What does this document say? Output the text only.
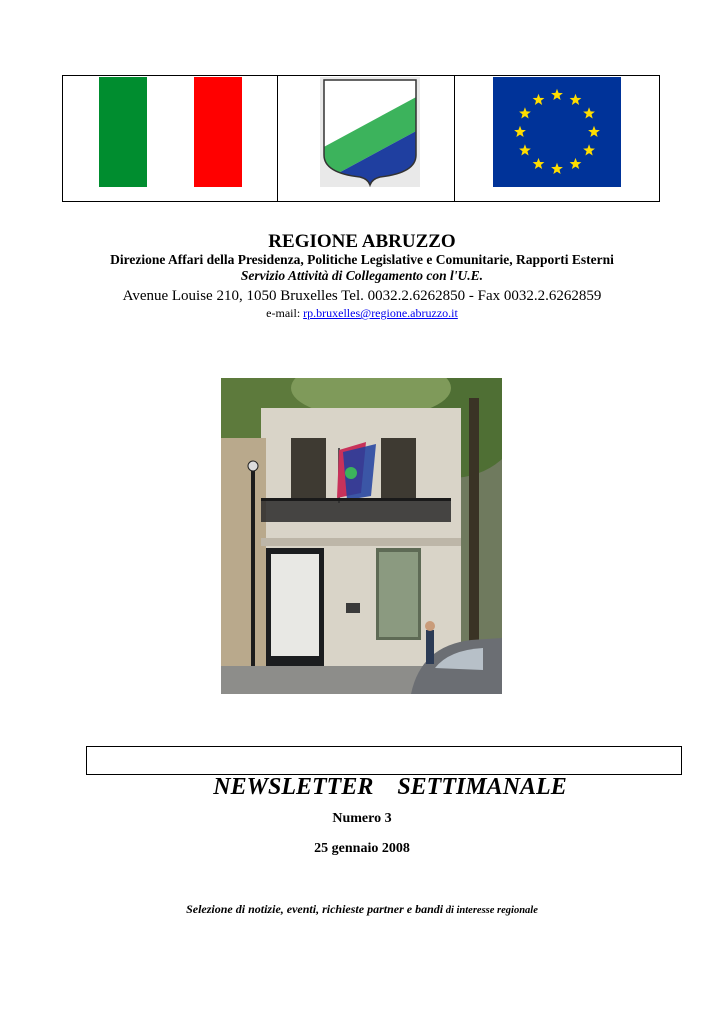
REGIONE ABRUZZO
Direzione Affari della Presidenza, Politiche Legislative e Comunitarie, Rapporti Esterni
Servizio Attività di Collegamento con l'U.E.
Avenue Louise 210, 1050 Bruxelles Tel. 0032.2.6262850 - Fax 0032.2.6262859
e-mail: rp.bruxelles@regione.abruzzo.it

NEWSLETTER    SETTIMANALE

Numero 3
25 gennaio 2008
Selezione di notizie, eventi, richieste partner e bandi di interesse regionale
